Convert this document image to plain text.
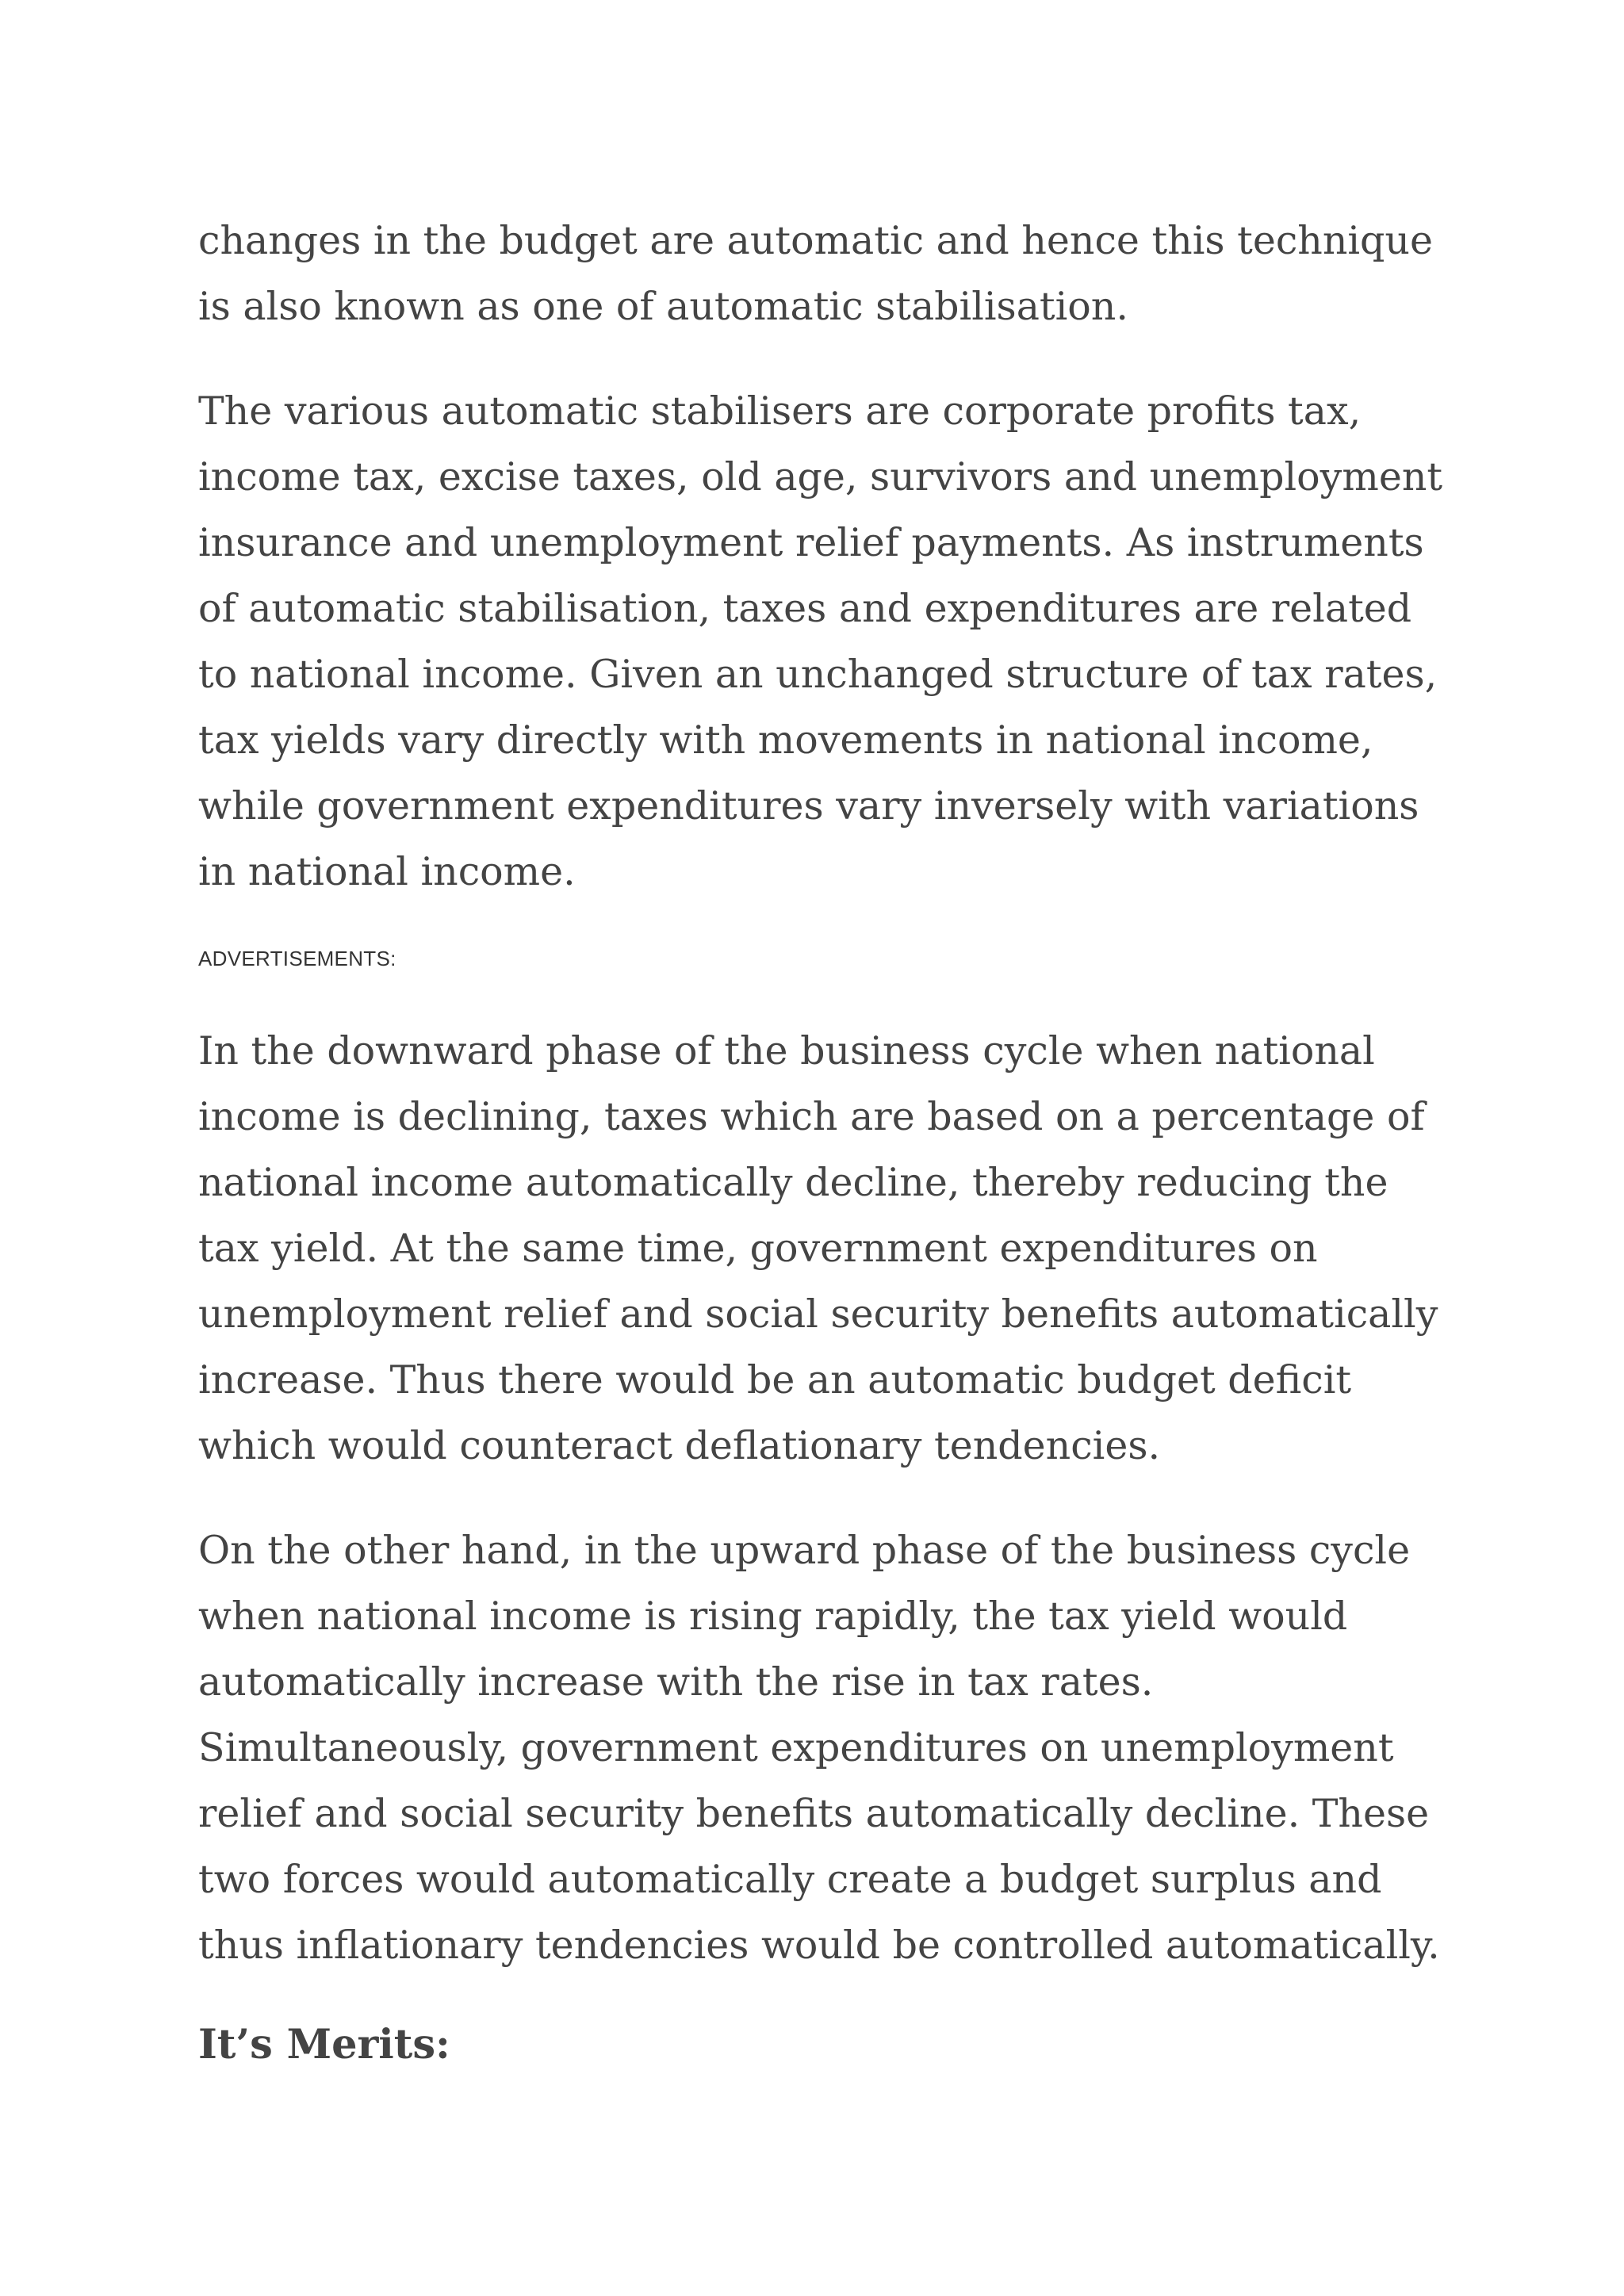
changes in the budget are automatic and hence this technique is also known as one of automatic stabilisation.

The various automatic stabilisers are corporate profits tax, income tax, excise taxes, old age, survivors and unemployment insurance and unemployment relief payments. As instruments of automatic stabilisation, taxes and expenditures are related to national income. Given an unchanged structure of tax rates, tax yields vary directly with movements in national income, while government expenditures vary inversely with variations in national income.

ADVERTISEMENTS:

In the downward phase of the business cycle when national income is declining, taxes which are based on a percentage of national income automatically decline, thereby reducing the tax yield. At the same time, government expenditures on unemployment relief and social security benefits automatically increase. Thus there would be an automatic budget deficit which would counteract deflationary tendencies.

On the other hand, in the upward phase of the business cycle when national income is rising rapidly, the tax yield would automatically increase with the rise in tax rates. Simultaneously, government expenditures on unemployment relief and social security benefits automatically decline. These two forces would automatically create a budget surplus and thus inflationary tendencies would be controlled automatically.

It’s Merits:
